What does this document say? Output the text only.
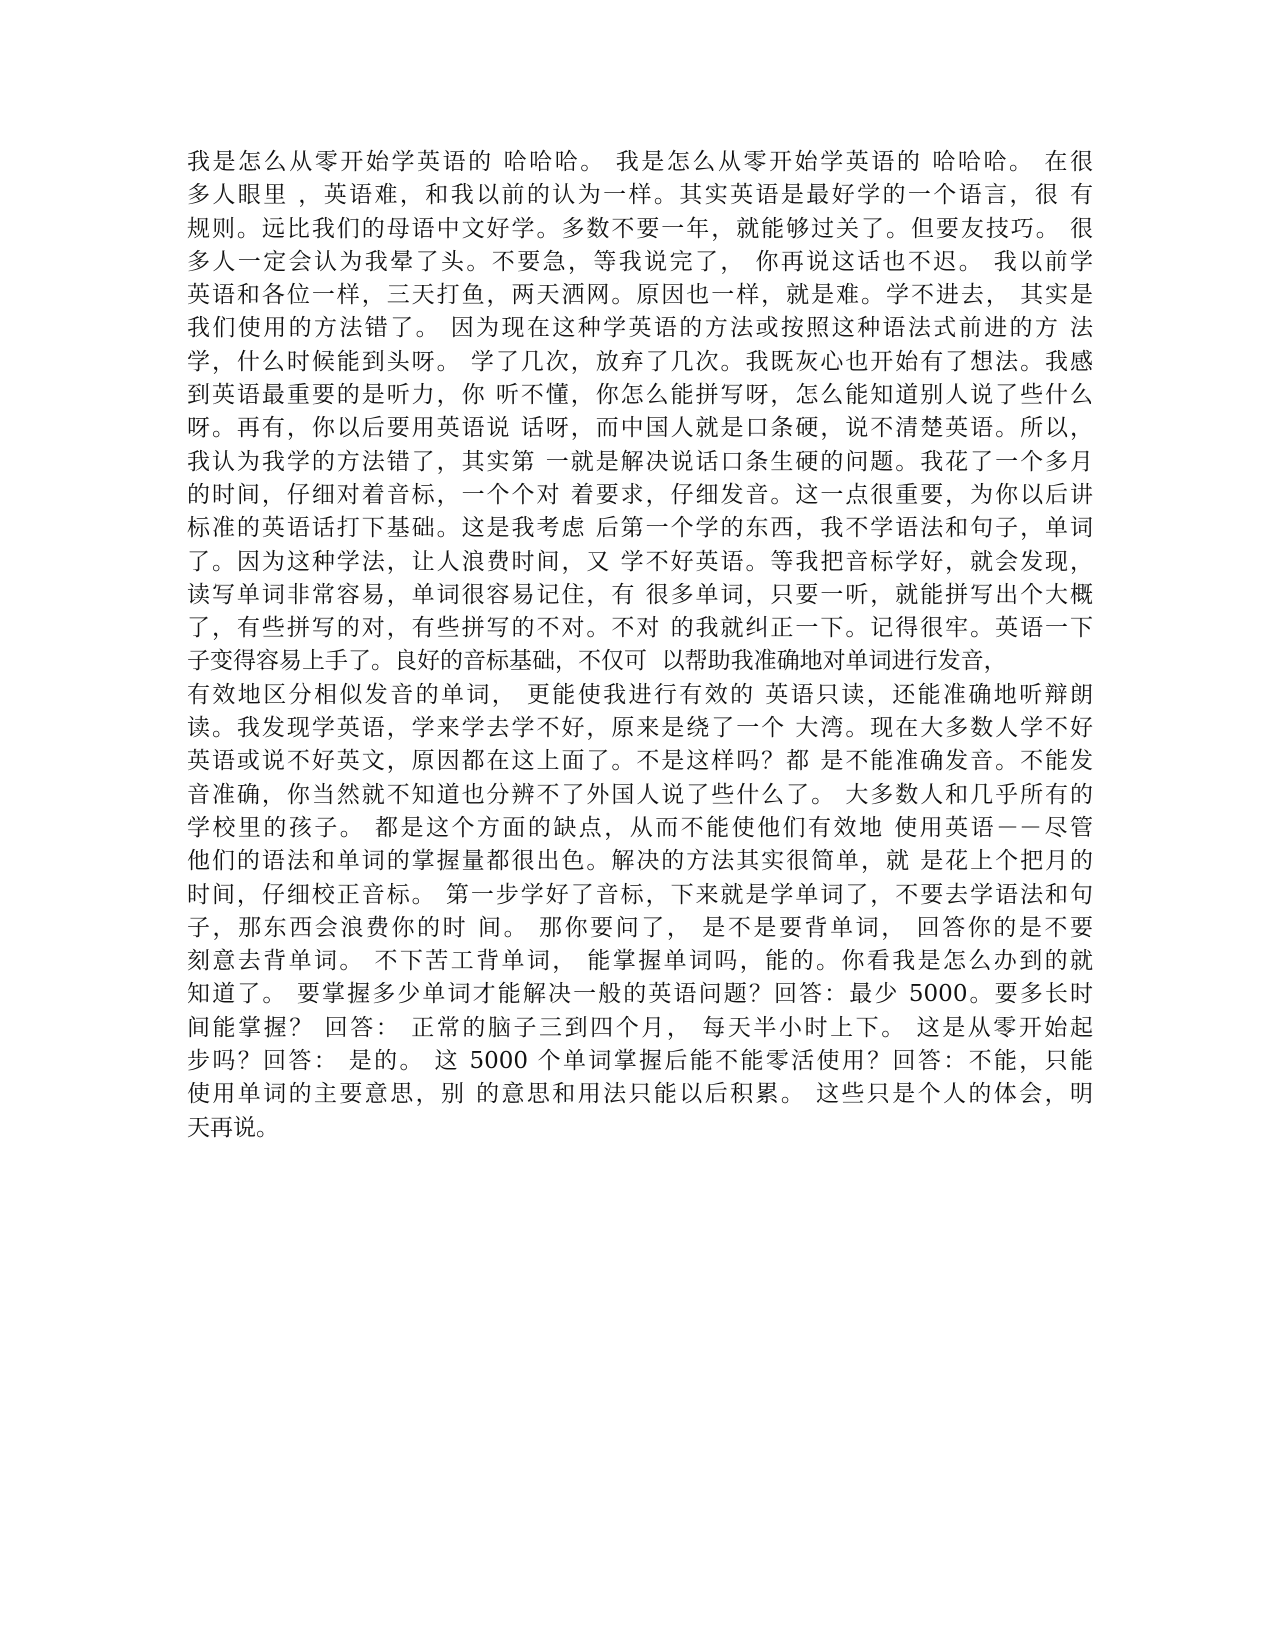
我是怎么从零开始学英语的 哈哈哈。 我是怎么从零开始学英语的 哈哈哈。 在很
多人眼里 ，英语难，和我以前的认为一样。其实英语是最好学的一个语言，很 有
规则。远比我们的母语中文好学。多数不要一年，就能够过关了。但要友技巧。 很
多人一定会认为我晕了头。不要急，等我说完了， 你再说这话也不迟。 我以前学
英语和各位一样，三天打鱼，两天洒网。原因也一样，就是难。学不进去， 其实是
我们使用的方法错了。 因为现在这种学英语的方法或按照这种语法式前进的方 法
学，什么时候能到头呀。 学了几次，放弃了几次。我既灰心也开始有了想法。我感
到英语最重要的是听力，你 听不懂，你怎么能拼写呀，怎么能知道别人说了些什么
呀。再有，你以后要用英语说 话呀，而中国人就是口条硬，说不清楚英语。所以，
我认为我学的方法错了，其实第 一就是解决说话口条生硬的问题。我花了一个多月
的时间，仔细对着音标，一个个对 着要求，仔细发音。这一点很重要，为你以后讲
标准的英语话打下基础。这是我考虑 后第一个学的东西，我不学语法和句子，单词
了。因为这种学法，让人浪费时间，又 学不好英语。等我把音标学好，就会发现，
读写单词非常容易，单词很容易记住，有 很多单词，只要一听，就能拼写出个大概
了，有些拼写的对，有些拼写的不对。不对 的我就纠正一下。记得很牢。英语一下
子变得容易上手了。良好的音标基础，不仅可  以帮助我准确地对单词进行发音，
有效地区分相似发音的单词， 更能使我进行有效的 英语只读，还能准确地听辩朗
读。我发现学英语，学来学去学不好，原来是绕了一个 大湾。现在大多数人学不好
英语或说不好英文，原因都在这上面了。不是这样吗？都 是不能准确发音。不能发
音准确，你当然就不知道也分辨不了外国人说了些什么了。 大多数人和几乎所有的
学校里的孩子。 都是这个方面的缺点，从而不能使他们有效地 使用英语－－尽管
他们的语法和单词的掌握量都很出色。解决的方法其实很简单，就 是花上个把月的
时间，仔细校正音标。 第一步学好了音标，下来就是学单词了，不要去学语法和句
子，那东西会浪费你的时 间。 那你要问了， 是不是要背单词， 回答你的是不要
刻意去背单词。 不下苦工背单词， 能掌握单词吗，能的。你看我是怎么办到的就
知道了。 要掌握多少单词才能解决一般的英语问题？回答：最少 5000。要多长时
间能掌握？ 回答： 正常的脑子三到四个月， 每天半小时上下。 这是从零开始起
步吗？回答： 是的。 这 5000 个单词掌握后能不能零活使用？回答：不能，只能
使用单词的主要意思，别 的意思和用法只能以后积累。 这些只是个人的体会，明
天再说。
